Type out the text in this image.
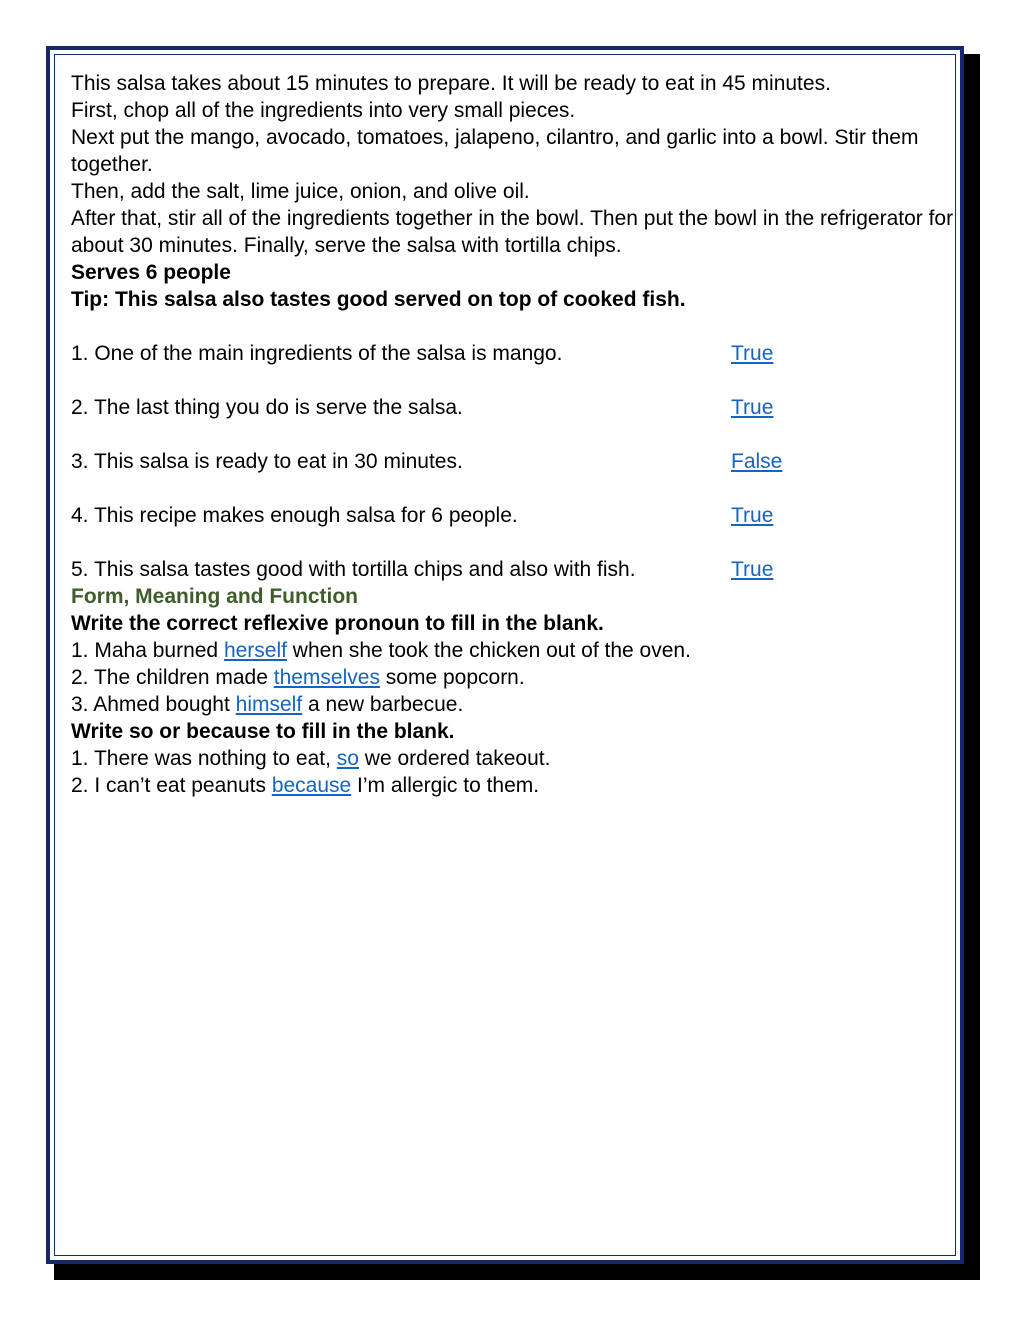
This salsa takes about 15 minutes to prepare. It will be ready to eat in 45 minutes.

First, chop all of the ingredients into very small pieces.

Next put the mango, avocado, tomatoes, jalapeno, cilantro, and garlic into a bowl. Stir them together.

Then, add the salt, lime juice, onion, and olive oil.

After that, stir all of the ingredients together in the bowl. Then put the bowl in the refrigerator for about 30 minutes. Finally, serve the salsa with tortilla chips.

Serves 6 people

Tip: This salsa also tastes good served on top of cooked fish.

1. One of the main ingredients of the salsa is mango.	True
2. The last thing you do is serve the salsa.	True
3. This salsa is ready to eat in 30 minutes.	False
4. This recipe makes enough salsa for 6 people.	True
5. This salsa tastes good with tortilla chips and also with fish.	True

Form, Meaning and Function

Write the correct reflexive pronoun to fill in the blank.

1. Maha burned herself when she took the chicken out of the oven.

2. The children made themselves some popcorn.

3. Ahmed bought himself a new barbecue.

Write so or because to fill in the blank.

1. There was nothing to eat, so we ordered takeout.

2. I can’t eat peanuts because I’m allergic to them.
